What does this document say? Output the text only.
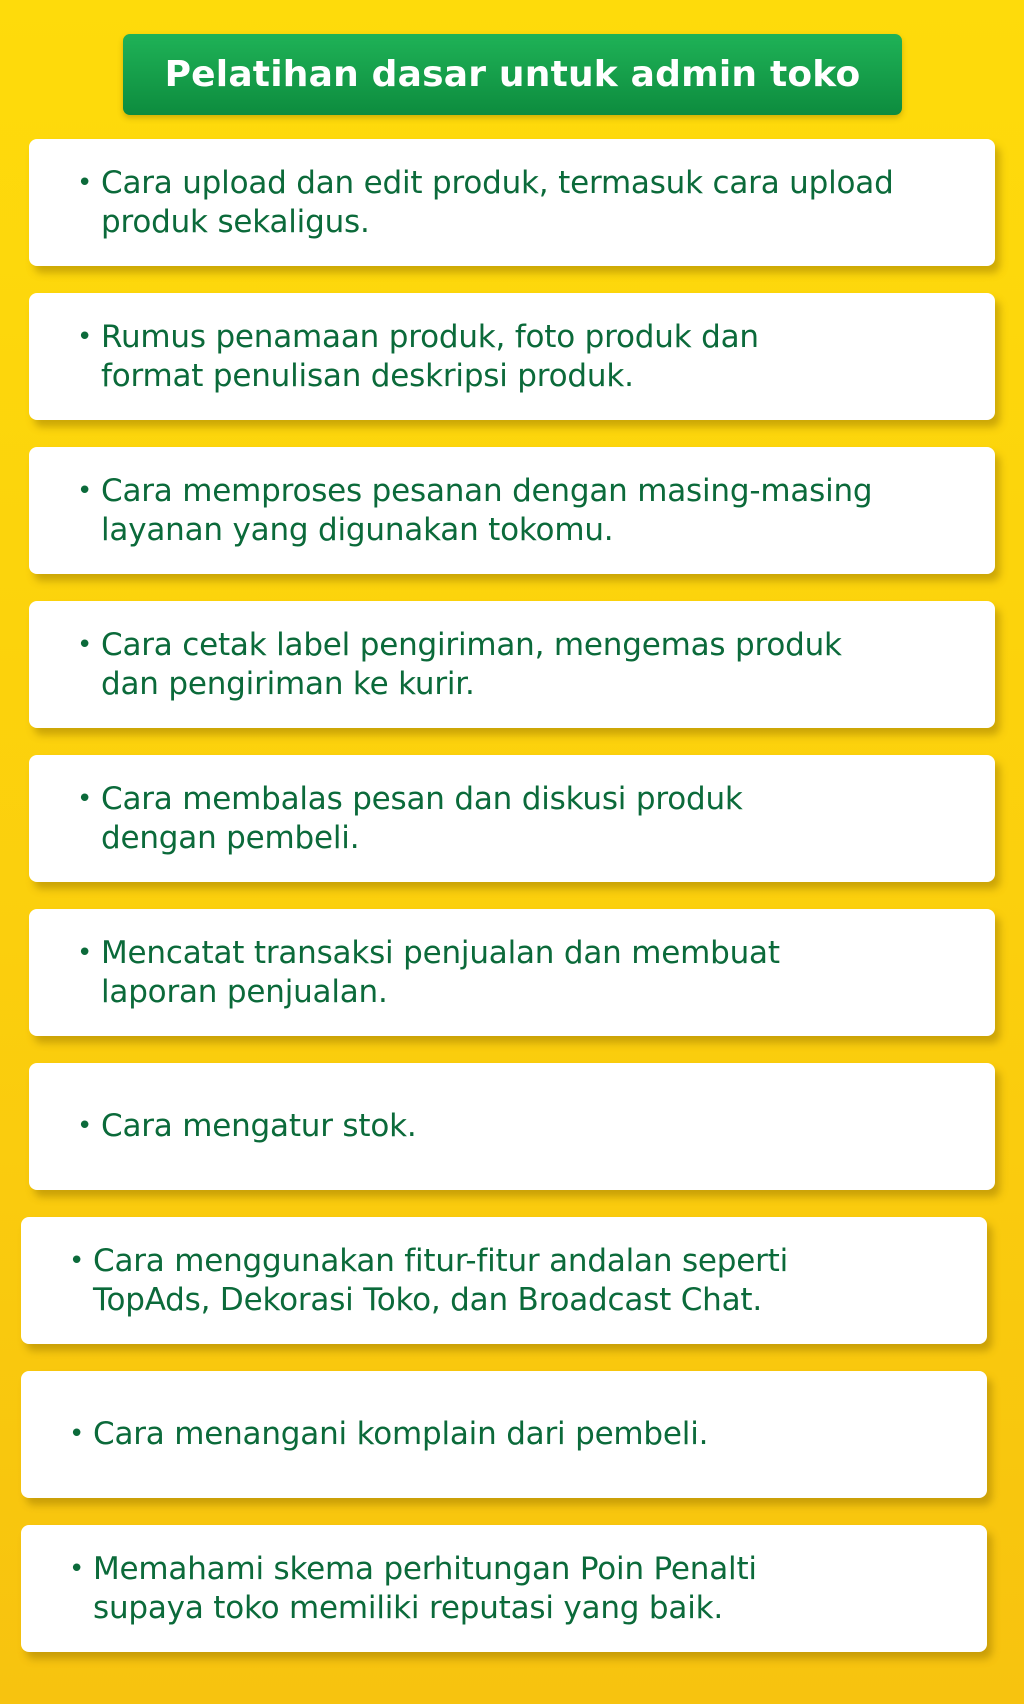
Pelatihan dasar untuk admin toko
• Cara upload dan edit produk, termasuk cara upload produk sekaligus.
• Rumus penamaan produk, foto produk dan format penulisan deskripsi produk.
• Cara memproses pesanan dengan masing-masing layanan yang digunakan tokomu.
• Cara cetak label pengiriman, mengemas produk dan pengiriman ke kurir.
• Cara membalas pesan dan diskusi produk dengan pembeli.
• Mencatat transaksi penjualan dan membuat laporan penjualan.
• Cara mengatur stok.
• Cara menggunakan fitur-fitur andalan seperti TopAds, Dekorasi Toko, dan Broadcast Chat.
• Cara menangani komplain dari pembeli.
• Memahami skema perhitungan Poin Penalti supaya toko memiliki reputasi yang baik.
